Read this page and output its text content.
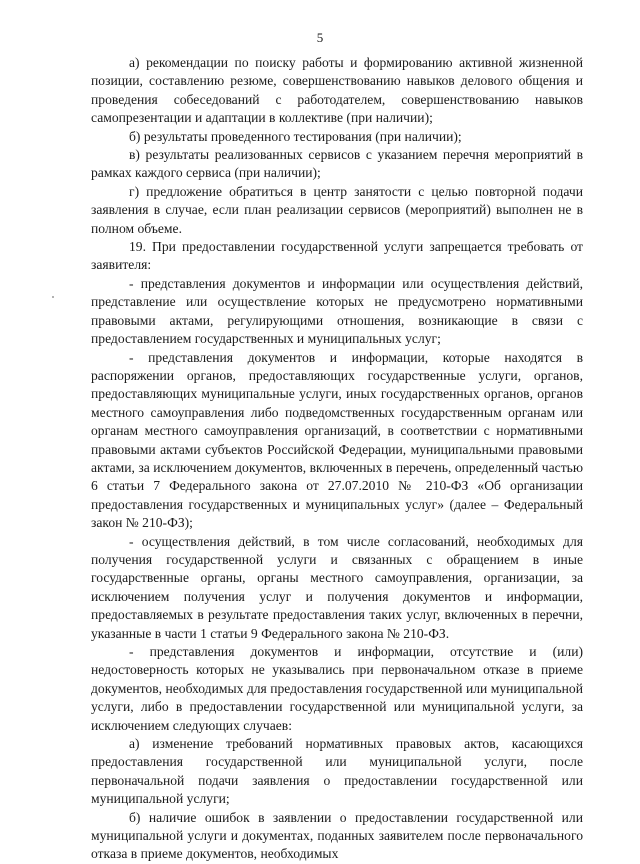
5

а) рекомендации по поиску работы и формированию активной жизненной позиции, составлению резюме, совершенствованию навыков делового общения и проведения собеседований с работодателем, совершенствованию навыков самопрезентации и адаптации в коллективе (при наличии);

б) результаты проведенного тестирования (при наличии);

в) результаты реализованных сервисов с указанием перечня мероприятий в рамках каждого сервиса (при наличии);

г) предложение обратиться в центр занятости с целью повторной подачи заявления в случае, если план реализации сервисов (мероприятий) выполнен не в полном объеме.

19. При предоставлении государственной услуги запрещается требовать от заявителя:

- представления документов и информации или осуществления действий, представление или осуществление которых не предусмотрено нормативными правовыми актами, регулирующими отношения, возникающие в связи с предоставлением государственных и муниципальных услуг;

- представления документов и информации, которые находятся в распоряжении органов, предоставляющих государственные услуги, органов, предоставляющих муниципальные услуги, иных государственных органов, органов местного самоуправления либо подведомственных государственным органам или органам местного самоуправления организаций, в соответствии с нормативными правовыми актами субъектов Российской Федерации, муниципальными правовыми актами, за исключением документов, включенных в перечень, определенный частью 6 статьи 7 Федерального закона от 27.07.2010 № 210-ФЗ «Об организации предоставления государственных и муниципальных услуг» (далее – Федеральный закон № 210-ФЗ);

- осуществления действий, в том числе согласований, необходимых для получения государственной услуги и связанных с обращением в иные государственные органы, органы местного самоуправления, организации, за исключением получения услуг и получения документов и информации, предоставляемых в результате предоставления таких услуг, включенных в перечни, указанные в части 1 статьи 9 Федерального закона № 210-ФЗ.

- представления документов и информации, отсутствие и (или) недостоверность которых не указывались при первоначальном отказе в приеме документов, необходимых для предоставления государственной или муниципальной услуги, либо в предоставлении государственной или муниципальной услуги, за исключением следующих случаев:

а) изменение требований нормативных правовых актов, касающихся предоставления государственной или муниципальной услуги, после первоначальной подачи заявления о предоставлении государственной или муниципальной услуги;

б) наличие ошибок в заявлении о предоставлении государственной или муниципальной услуги и документах, поданных заявителем после первоначального отказа в приеме документов, необходимых
